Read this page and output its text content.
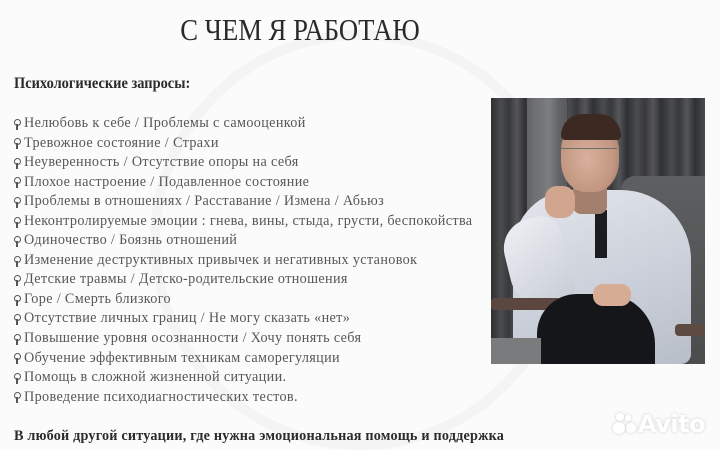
С ЧЕМ Я РАБОТАЮ
Психологические запросы:
Нелюбовь к себе / Проблемы с самооценкой
Тревожное состояние / Страхи
Неуверенность / Отсутствие опоры на себя
Плохое настроение / Подавленное состояние
Проблемы в отношениях / Расставание / Измена / Абьюз
Неконтролируемые эмоции : гнева, вины, стыда, грусти, беспокойства
Одиночество / Боязнь отношений
Изменение деструктивных привычек и негативных установок
Детские травмы / Детско-родительские отношения
Горе / Смерть близкого
Отсутствие личных границ / Не могу сказать «нет»
Повышение уровня осознанности / Хочу понять себя
Обучение эффективным техникам саморегуляции
Помощь в сложной жизненной ситуации.
Проведение психодиагностических тестов.
В любой другой ситуации, где нужна эмоциональная помощь и поддержка	Avito
